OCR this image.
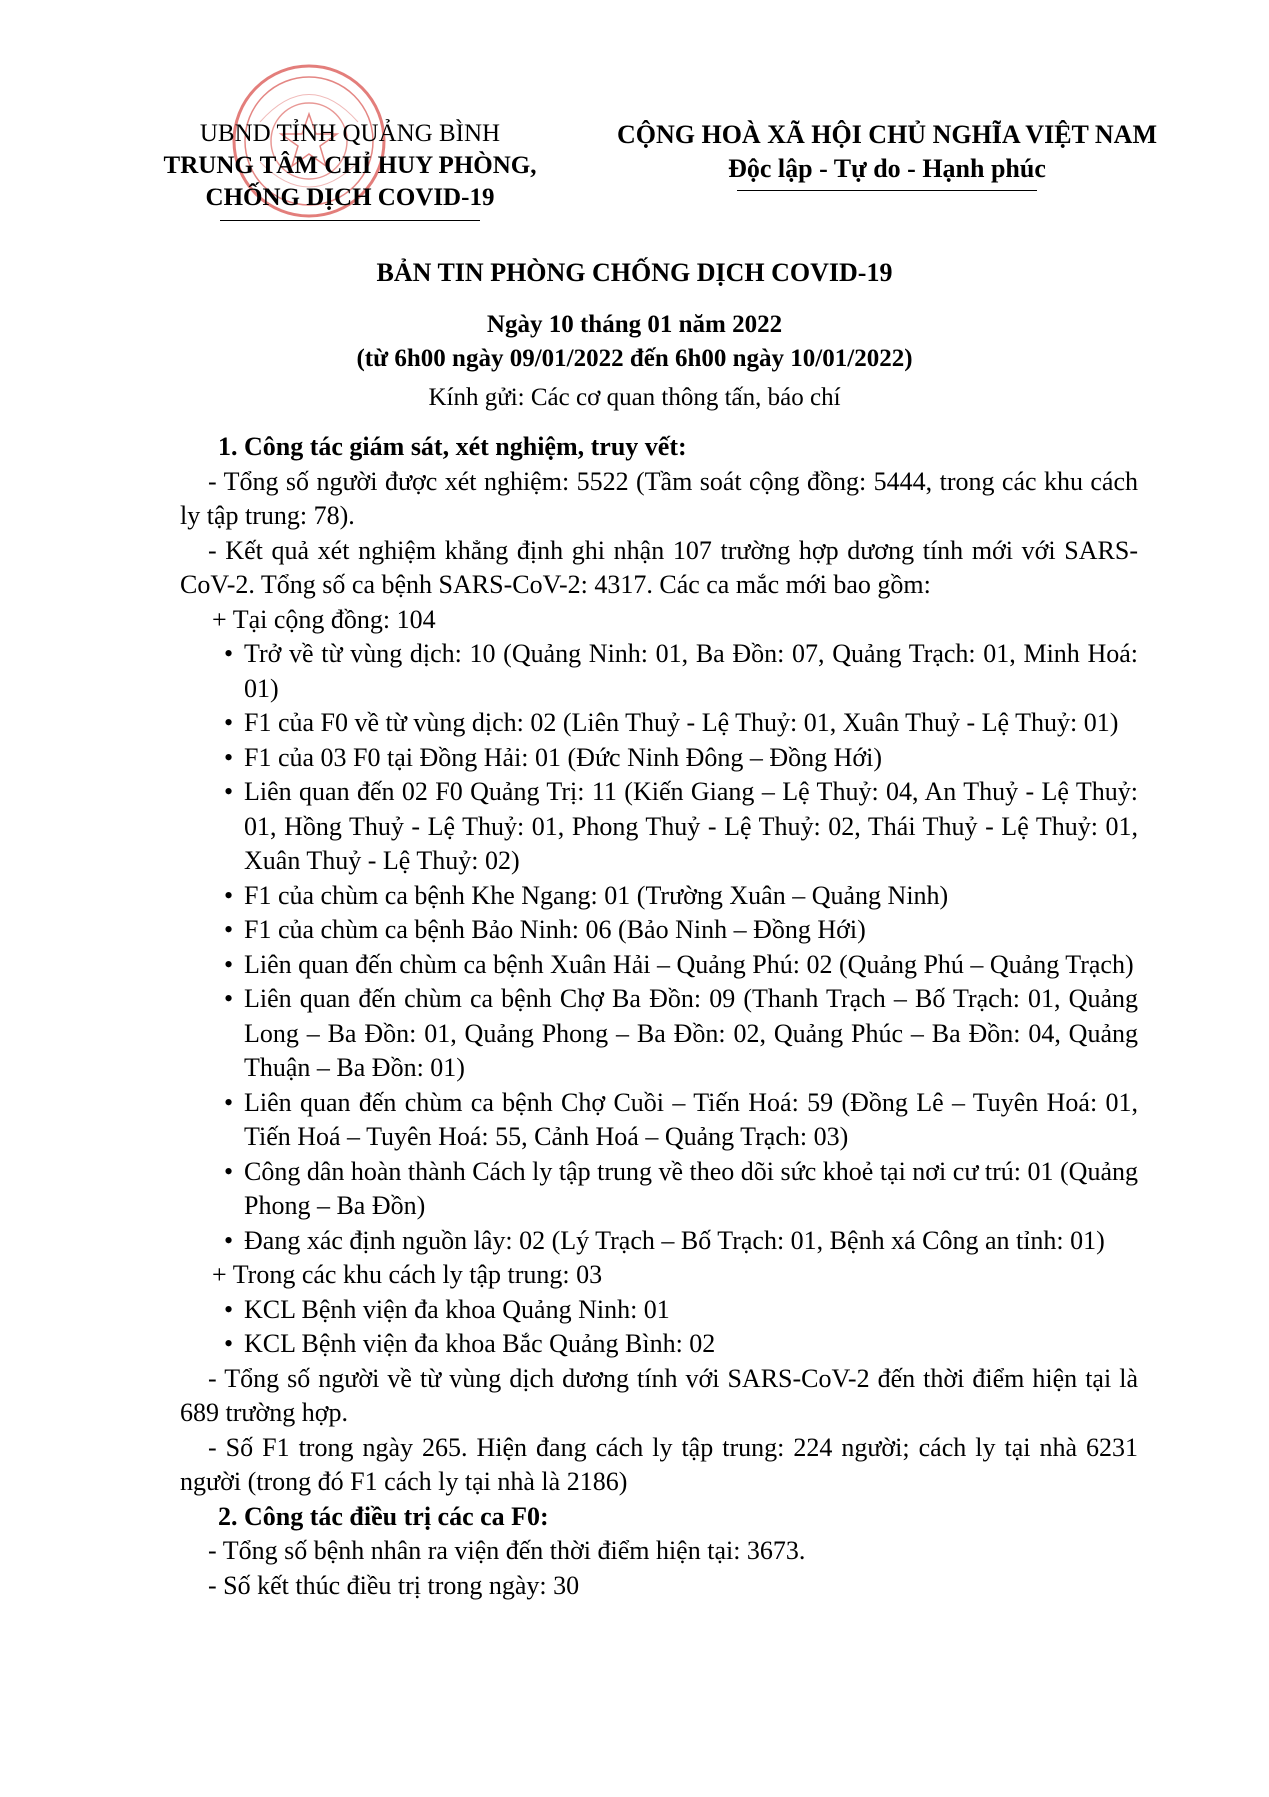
UBND TỈNH QUẢNG BÌNH
TRUNG TÂM CHỈ HUY PHÒNG,
CHỐNG DỊCH COVID-19
CỘNG HOÀ XÃ HỘI CHỦ NGHĨA VIỆT NAM
Độc lập - Tự do - Hạnh phúc
BẢN TIN PHÒNG CHỐNG DỊCH COVID-19
Ngày 10 tháng 01 năm 2022
(từ 6h00 ngày 09/01/2022 đến 6h00 ngày 10/01/2022)
Kính gửi: Các cơ quan thông tấn, báo chí

1. Công tác giám sát, xét nghiệm, truy vết:

- Tổng số người được xét nghiệm: 5522 (Tầm soát cộng đồng: 5444, trong các khu cách ly tập trung: 78).

- Kết quả xét nghiệm khẳng định ghi nhận 107 trường hợp dương tính mới với SARS-CoV-2. Tổng số ca bệnh SARS-CoV-2: 4317. Các ca mắc mới bao gồm:

+ Tại cộng đồng: 104

• Trở về từ vùng dịch: 10 (Quảng Ninh: 01, Ba Đồn: 07, Quảng Trạch: 01, Minh Hoá: 01)

• F1 của F0 về từ vùng dịch: 02 (Liên Thuỷ - Lệ Thuỷ: 01, Xuân Thuỷ - Lệ Thuỷ: 01)

• F1 của 03 F0 tại Đồng Hải: 01 (Đức Ninh Đông – Đồng Hới)

• Liên quan đến 02 F0 Quảng Trị: 11 (Kiến Giang – Lệ Thuỷ: 04, An Thuỷ - Lệ Thuỷ: 01, Hồng Thuỷ - Lệ Thuỷ: 01, Phong Thuỷ - Lệ Thuỷ: 02, Thái Thuỷ - Lệ Thuỷ: 01, Xuân Thuỷ - Lệ Thuỷ: 02)

• F1 của chùm ca bệnh Khe Ngang: 01 (Trường Xuân – Quảng Ninh)

• F1 của chùm ca bệnh Bảo Ninh: 06 (Bảo Ninh – Đồng Hới)

• Liên quan đến chùm ca bệnh Xuân Hải – Quảng Phú: 02 (Quảng Phú – Quảng Trạch)

• Liên quan đến chùm ca bệnh Chợ Ba Đồn: 09 (Thanh Trạch – Bố Trạch: 01, Quảng Long – Ba Đồn: 01, Quảng Phong – Ba Đồn: 02, Quảng Phúc – Ba Đồn: 04, Quảng Thuận – Ba Đồn: 01)

• Liên quan đến chùm ca bệnh Chợ Cuồi – Tiến Hoá: 59 (Đồng Lê – Tuyên Hoá: 01, Tiến Hoá – Tuyên Hoá: 55, Cảnh Hoá – Quảng Trạch: 03)

• Công dân hoàn thành Cách ly tập trung về theo dõi sức khoẻ tại nơi cư trú: 01 (Quảng Phong – Ba Đồn)

• Đang xác định nguồn lây: 02 (Lý Trạch – Bố Trạch: 01, Bệnh xá Công an tỉnh: 01)

+ Trong các khu cách ly tập trung: 03

• KCL Bệnh viện đa khoa Quảng Ninh: 01

• KCL Bệnh viện đa khoa Bắc Quảng Bình: 02

- Tổng số người về từ vùng dịch dương tính với SARS-CoV-2 đến thời điểm hiện tại là 689 trường hợp.

- Số F1 trong ngày 265. Hiện đang cách ly tập trung: 224 người; cách ly tại nhà 6231 người (trong đó F1 cách ly tại nhà là 2186)

2. Công tác điều trị các ca F0:

- Tổng số bệnh nhân ra viện đến thời điểm hiện tại: 3673.

- Số kết thúc điều trị trong ngày: 30
